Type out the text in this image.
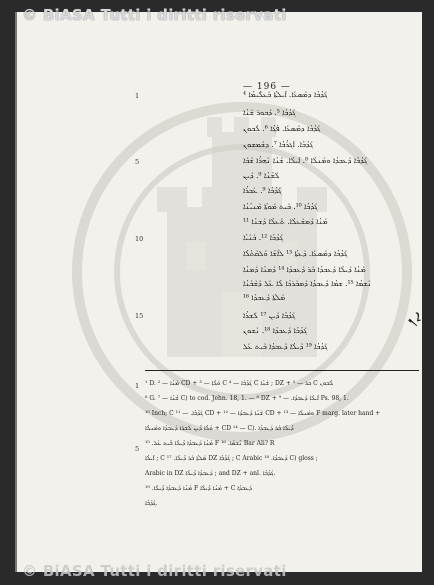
— 196 —
1
5
10
15
ܓܰܕܳܒܳܐ ܕܡܰܣܥܰܐ. ܐܶܝܠܬܳܐ ܒܰܥܠܺܝܡܳܐ ⁴
ܓܰܕܳܒܳܐ ⁵. ܕܰܒܘܪ ܫܰܢܳܐ
ܓܰܕܳܒܳܐ ܕܡܰܣܥܰܐ. ܦܰܓܳܐ ⁶. ܠܳܒܘܢ
ܓܰܕܳܒܳܐ. ܐܰܓܪܳܒܳܐ ⁷. ܕܫܰܡܫܘܢ
ܓܰܕܳܒܳܐ ܕܰܥܒܕܳܐ ܘܡܰܢܠܳܐ ⁸. ܐܶܝܠܳܐ. ܫܰܢܳܐ ܢܰܗܪܳܐ ܫܶܒܶܐ
ܠܶܫܳܢܳܐ ⁹. ܕܶܝܢ
ܓܰܕܳܒܳܐ ⁹. ܥܶܒܪܳܐ
ܓܰܕܳܒܳܐ ¹⁰. ܒܶܝܬ ܡܰܘܬܳܐ ܡܶܢܝܳܢܳܐ
ܡܰܢܳܐ ܕܰܡܫܰܥܠܳܐ. ܬܰܥܠܳܐ ܕܰܫܢܳܐ ¹¹
ܓܰܕܳܒܳܐ ¹². ܒܶܢܰܝܳܐ
ܓܰܕܳܒܳܐ ܕܡܰܣܥܰܐ. ܕܰܥܬܳܐ ¹³ ܠܐܶܫܳܐ ܘܰܠܩܰܬܳܠܳܐ
ܡܰܢܳܐ ܕܶܝܠܳܐ ܕܰܥܒܕܳܐ ܒܰܪ ܕܰܥܒܕܳܐ ¹⁴ ܕܰܡܢܳܐ ܕܰܡܢܳܐ
ܢܶܫܡܳܐ ¹⁵. ܫܡܳܐ ܕܰܥܒܕܳܐ ܕܰܡܒܰܪܟܳܐ ܠܳܐ ܥܰܠ ܕܰܫܶܒܰܢܳܐ
ܡܰܠܬܳܐ ܕܰܥܒܕܳܐ ¹⁶
ܓܰܕܳܒܳܐ ܕܶܝܢ ¹⁷ ܠܰܫܪܳܐ
ܓܰܕܳܒܳܐ ܕܰܥܒܕܳܐ ¹⁸. ܢܰܫܘܢ
ܓܰܕܳܒܳܐ ¹⁹ ܕܶܝܠܳܐ ܕܰܥܒܕܳܐ ܒܶܝܬ ܥܰܠ
ܐܢ
1
5
¹ D. ܡܰܢܳܐ — ² CD + ܘܰܠܳܐ — ³ C ܓܰܕܳܒܳܐ — ⁴ C ܫܰܢܳܐ ; DZ + ܒܪ — ⁵ C ܠܳܒܘܢ
⁶ G. ܫܳܢܳܐ — ⁷ C) to cod. Jehn. 18, 1. — ⁸ DZ + ܐܶܝܠܳܐ ܕܰܥܒܕܳܐ. — ⁹ Ps. 98, 1.
¹⁰ Inch; C ܓܰܕܳܒܳܐ. — ¹¹ CD + ܫܰܢܳܐ ܕܰܥܒܕܳܐ — ¹² CD + ܘܡܰܢܠܳܐ — ¹³ F marg. later hand +
ܘܰܠܳܐ ܕܶܝܢ ܠܰܫܪܳܐ ܕܰܥܒܕܳܐ ܘܡܰܢܠܳܐ + CD ¹⁴ — C). ܕܶܝܠܳܐ ܒܰܪ ܕܰܥܒܕܳܐ
ܡܰܢܳܐ ܕܰܥܒܕܳܐ ܕܶܝܠܳܐ ܒܶܝܬ ܥܰܠ. ¹⁵ F ܢܶܫܡܳܐ. ¹⁶ Bar Ali? R
ܐܶܝܠܳܐ ; C ܡܰܠܬܳܐ ܒܰܪ ܕܶܝܠܳܐ. ¹⁷ DZ ܓܰܕܳܒܳܐ ; C Arabic ܕܰܥܒܕܳܐ. ¹⁸ C) gloss ;
Arabic in DZ ܕܰܥܒܕܳܐ ܕܶܝܠܳܐ ; and DZ + anl. ܓܰܕܳܒܳܐ.
ܡܰܢܳܐ ܕܰܥܒܕܳܐ ܕܶܝܠܳܐ. ¹⁹ F ܡܰܢܳܐ ܕܶܝܠܳܐ + C ܕܰܥܒܕܳܐ
ܓܰܕܳܒܳܐ.
© BiASA Tutti i diritti riservati
© BiASA Tutti i diritti riservati
